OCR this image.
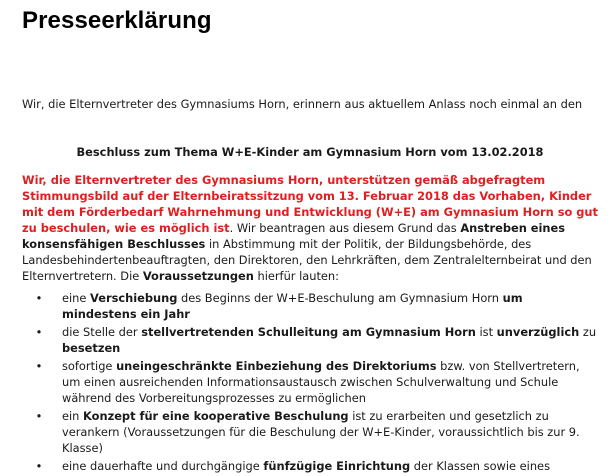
Presseerklärung

Wir, die Elternvertreter des Gymnasiums Horn, erinnern aus aktuellem Anlass noch einmal an den

Beschluss zum Thema W+E-Kinder am Gymnasium Horn vom 13.02.2018

Wir, die Elternvertreter des Gymnasiums Horn, unterstützen gemäß abgefragtem Stimmungsbild auf der Elternbeiratssitzung vom 13. Februar 2018 das Vorhaben, Kinder mit dem Förderbedarf Wahrnehmung und Entwicklung (W+E) am Gymnasium Horn so gut zu beschulen, wie es möglich ist. Wir beantragen aus diesem Grund das Anstreben eines konsensfähigen Beschlusses in Abstimmung mit der Politik, der Bildungsbehörde, des Landesbehindertenbeauftragten, den Direktoren, den Lehrkräften, dem Zentralelternbeirat und den Elternvertretern. Die Voraussetzungen hierfür lauten:

• eine Verschiebung des Beginns der W+E-Beschulung am Gymnasium Horn um mindestens ein Jahr
• die Stelle der stellvertretenden Schulleitung am Gymnasium Horn ist unverzüglich zu besetzen
• sofortige uneingeschränkte Einbeziehung des Direktoriums bzw. von Stellvertretern, um einen ausreichenden Informationsaustausch zwischen Schulverwaltung und Schule während des Vorbereitungsprozesses zu ermöglichen
• ein Konzept für eine kooperative Beschulung ist zu erarbeiten und gesetzlich zu verankern (Voraussetzungen für die Beschulung der W+E-Kinder, voraussichtlich bis zur 9. Klasse)
• eine dauerhafte und durchgängige fünfzügige Einrichtung der Klassen sowie eines
